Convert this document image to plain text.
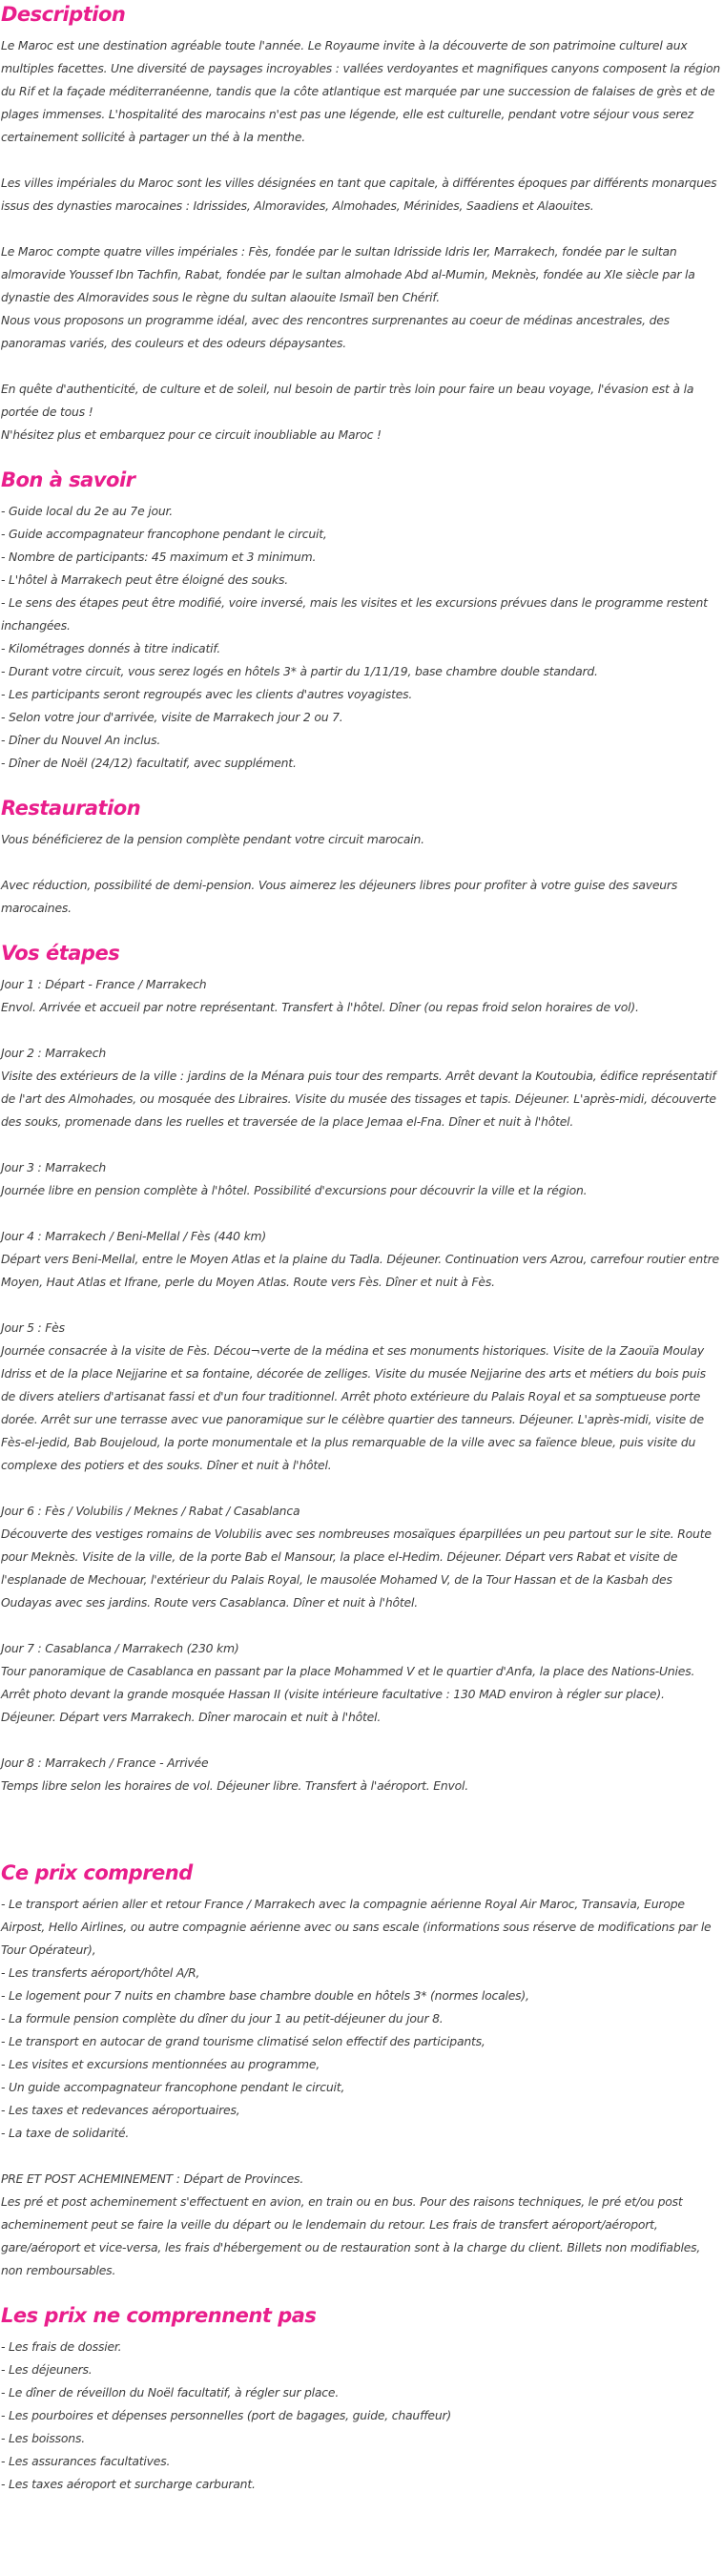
Description

Le Maroc est une destination agréable toute l'année. Le Royaume invite à la découverte de son patrimoine culturel aux multiples facettes. Une diversité de paysages incroyables : vallées verdoyantes et magnifiques canyons composent la région du Rif et la façade méditerranéenne, tandis que la côte atlantique est marquée par une succession de falaises de grès et de plages immenses. L'hospitalité des marocains n'est pas une légende, elle est culturelle, pendant votre séjour vous serez certainement sollicité à partager un thé à la menthe.

Les villes impériales du Maroc sont les villes désignées en tant que capitale, à différentes époques par différents monarques issus des dynasties marocaines : Idrissides, Almoravides, Almohades, Mérinides, Saadiens et Alaouites.

Le Maroc compte quatre villes impériales : Fès, fondée par le sultan Idrisside Idris Ier, Marrakech, fondée par le sultan almoravide Youssef Ibn Tachfin, Rabat, fondée par le sultan almohade Abd al-Mumin, Meknès, fondée au XIe siècle par la dynastie des Almoravides sous le règne du sultan alaouite Ismaïl ben Chérif.

Nous vous proposons un programme idéal, avec des rencontres surprenantes au coeur de médinas ancestrales, des panoramas variés, des couleurs et des odeurs dépaysantes.

En quête d'authenticité, de culture et de soleil, nul besoin de partir très loin pour faire un beau voyage, l'évasion est à la portée de tous !

N'hésitez plus et embarquez pour ce circuit inoubliable au Maroc !

Bon à savoir
- Guide local du 2e au 7e jour.
- Guide accompagnateur francophone pendant le circuit,
- Nombre de participants: 45 maximum et 3 minimum.
- L'hôtel à Marrakech peut être éloigné des souks.
- Le sens des étapes peut être modifié, voire inversé, mais les visites et les excursions prévues dans le programme restent inchangées.
- Kilométrages donnés à titre indicatif.
- Durant votre circuit, vous serez logés en hôtels 3* à partir du 1/11/19, base chambre double standard.
- Les participants seront regroupés avec les clients d'autres voyagistes.
- Selon votre jour d'arrivée, visite de Marrakech jour 2 ou 7.
- Dîner du Nouvel An inclus.
- Dîner de Noël (24/12) facultatif, avec supplément.
Restauration

Vous bénéficierez de la pension complète pendant votre circuit marocain.

Avec réduction, possibilité de demi-pension. Vous aimerez les déjeuners libres pour profiter à votre guise des saveurs marocaines.

Vos étapes

Jour 1 : Départ - France / Marrakech

Envol. Arrivée et accueil par notre représentant. Transfert à l'hôtel. Dîner (ou repas froid selon horaires de vol).

Jour 2 : Marrakech

Visite des extérieurs de la ville : jardins de la Ménara puis tour des remparts. Arrêt devant la Koutoubia, édifice représentatif de l'art des Almohades, ou mosquée des Libraires. Visite du musée des tissages et tapis. Déjeuner. L'après-midi, découverte des souks, promenade dans les ruelles et traversée de la place Jemaa el-Fna. Dîner et nuit à l'hôtel.

Jour 3 : Marrakech

Journée libre en pension complète à l'hôtel. Possibilité d'excursions pour découvrir la ville et la région.

Jour 4 : Marrakech / Beni-Mellal / Fès (440 km)

Départ vers Beni-Mellal, entre le Moyen Atlas et la plaine du Tadla. Déjeuner. Continuation vers Azrou, carrefour routier entre Moyen, Haut Atlas et Ifrane, perle du Moyen Atlas. Route vers Fès. Dîner et nuit à Fès.

Jour 5 : Fès

Journée consacrée à la visite de Fès. Décou¬verte de la médina et ses monuments historiques. Visite de la Zaouïa Moulay Idriss et de la place Nejjarine et sa fontaine, décorée de zelliges. Visite du musée Nejjarine des arts et métiers du bois puis de divers ateliers d'artisanat fassi et d'un four traditionnel. Arrêt photo extérieure du Palais Royal et sa somptueuse porte dorée. Arrêt sur une terrasse avec vue panoramique sur le célèbre quartier des tanneurs. Déjeuner. L'après-midi, visite de Fès-el-jedid, Bab Boujeloud, la porte monumentale et la plus remarquable de la ville avec sa faïence bleue, puis visite du complexe des potiers et des souks. Dîner et nuit à l'hôtel.

Jour 6 : Fès / Volubilis / Meknes / Rabat / Casablanca

Découverte des vestiges romains de Volubilis avec ses nombreuses mosaïques éparpillées un peu partout sur le site. Route pour Meknès. Visite de la ville, de la porte Bab el Mansour, la place el-Hedim. Déjeuner. Départ vers Rabat et visite de l'esplanade de Mechouar, l'extérieur du Palais Royal, le mausolée Mohamed V, de la Tour Hassan et de la Kasbah des Oudayas avec ses jardins. Route vers Casablanca. Dîner et nuit à l'hôtel.

Jour 7 : Casablanca / Marrakech (230 km)

Tour panoramique de Casablanca en passant par la place Mohammed V et le quartier d'Anfa, la place des Nations-Unies. Arrêt photo devant la grande mosquée Hassan II (visite intérieure facultative : 130 MAD environ à régler sur place). Déjeuner. Départ vers Marrakech. Dîner marocain et nuit à l'hôtel.

Jour 8 : Marrakech / France - Arrivée

Temps libre selon les horaires de vol. Déjeuner libre. Transfert à l'aéroport. Envol.

Ce prix comprend
- Le transport aérien aller et retour France / Marrakech avec la compagnie aérienne Royal Air Maroc, Transavia, Europe Airpost, Hello Airlines, ou autre compagnie aérienne avec ou sans escale (informations sous réserve de modifications par le Tour Opérateur),
- Les transferts aéroport/hôtel A/R,
- Le logement pour 7 nuits en chambre base chambre double en hôtels 3* (normes locales),
- La formule pension complète du dîner du jour 1 au petit-déjeuner du jour 8.
- Le transport en autocar de grand tourisme climatisé selon effectif des participants,
- Les visites et excursions mentionnées au programme,
- Un guide accompagnateur francophone pendant le circuit,
- Les taxes et redevances aéroportuaires,
- La taxe de solidarité.

PRE ET POST ACHEMINEMENT : Départ de Provinces.

Les pré et post acheminement s'effectuent en avion, en train ou en bus. Pour des raisons techniques, le pré et/ou post acheminement peut se faire la veille du départ ou le lendemain du retour. Les frais de transfert aéroport/aéroport, gare/aéroport et vice-versa, les frais d'hébergement ou de restauration sont à la charge du client. Billets non modifiables, non remboursables.

Les prix ne comprennent pas
- Les frais de dossier.
- Les déjeuners.
- Le dîner de réveillon du Noël facultatif, à régler sur place.
- Les pourboires et dépenses personnelles (port de bagages, guide, chauffeur)
- Les boissons.
- Les assurances facultatives.
- Les taxes aéroport et surcharge carburant.
